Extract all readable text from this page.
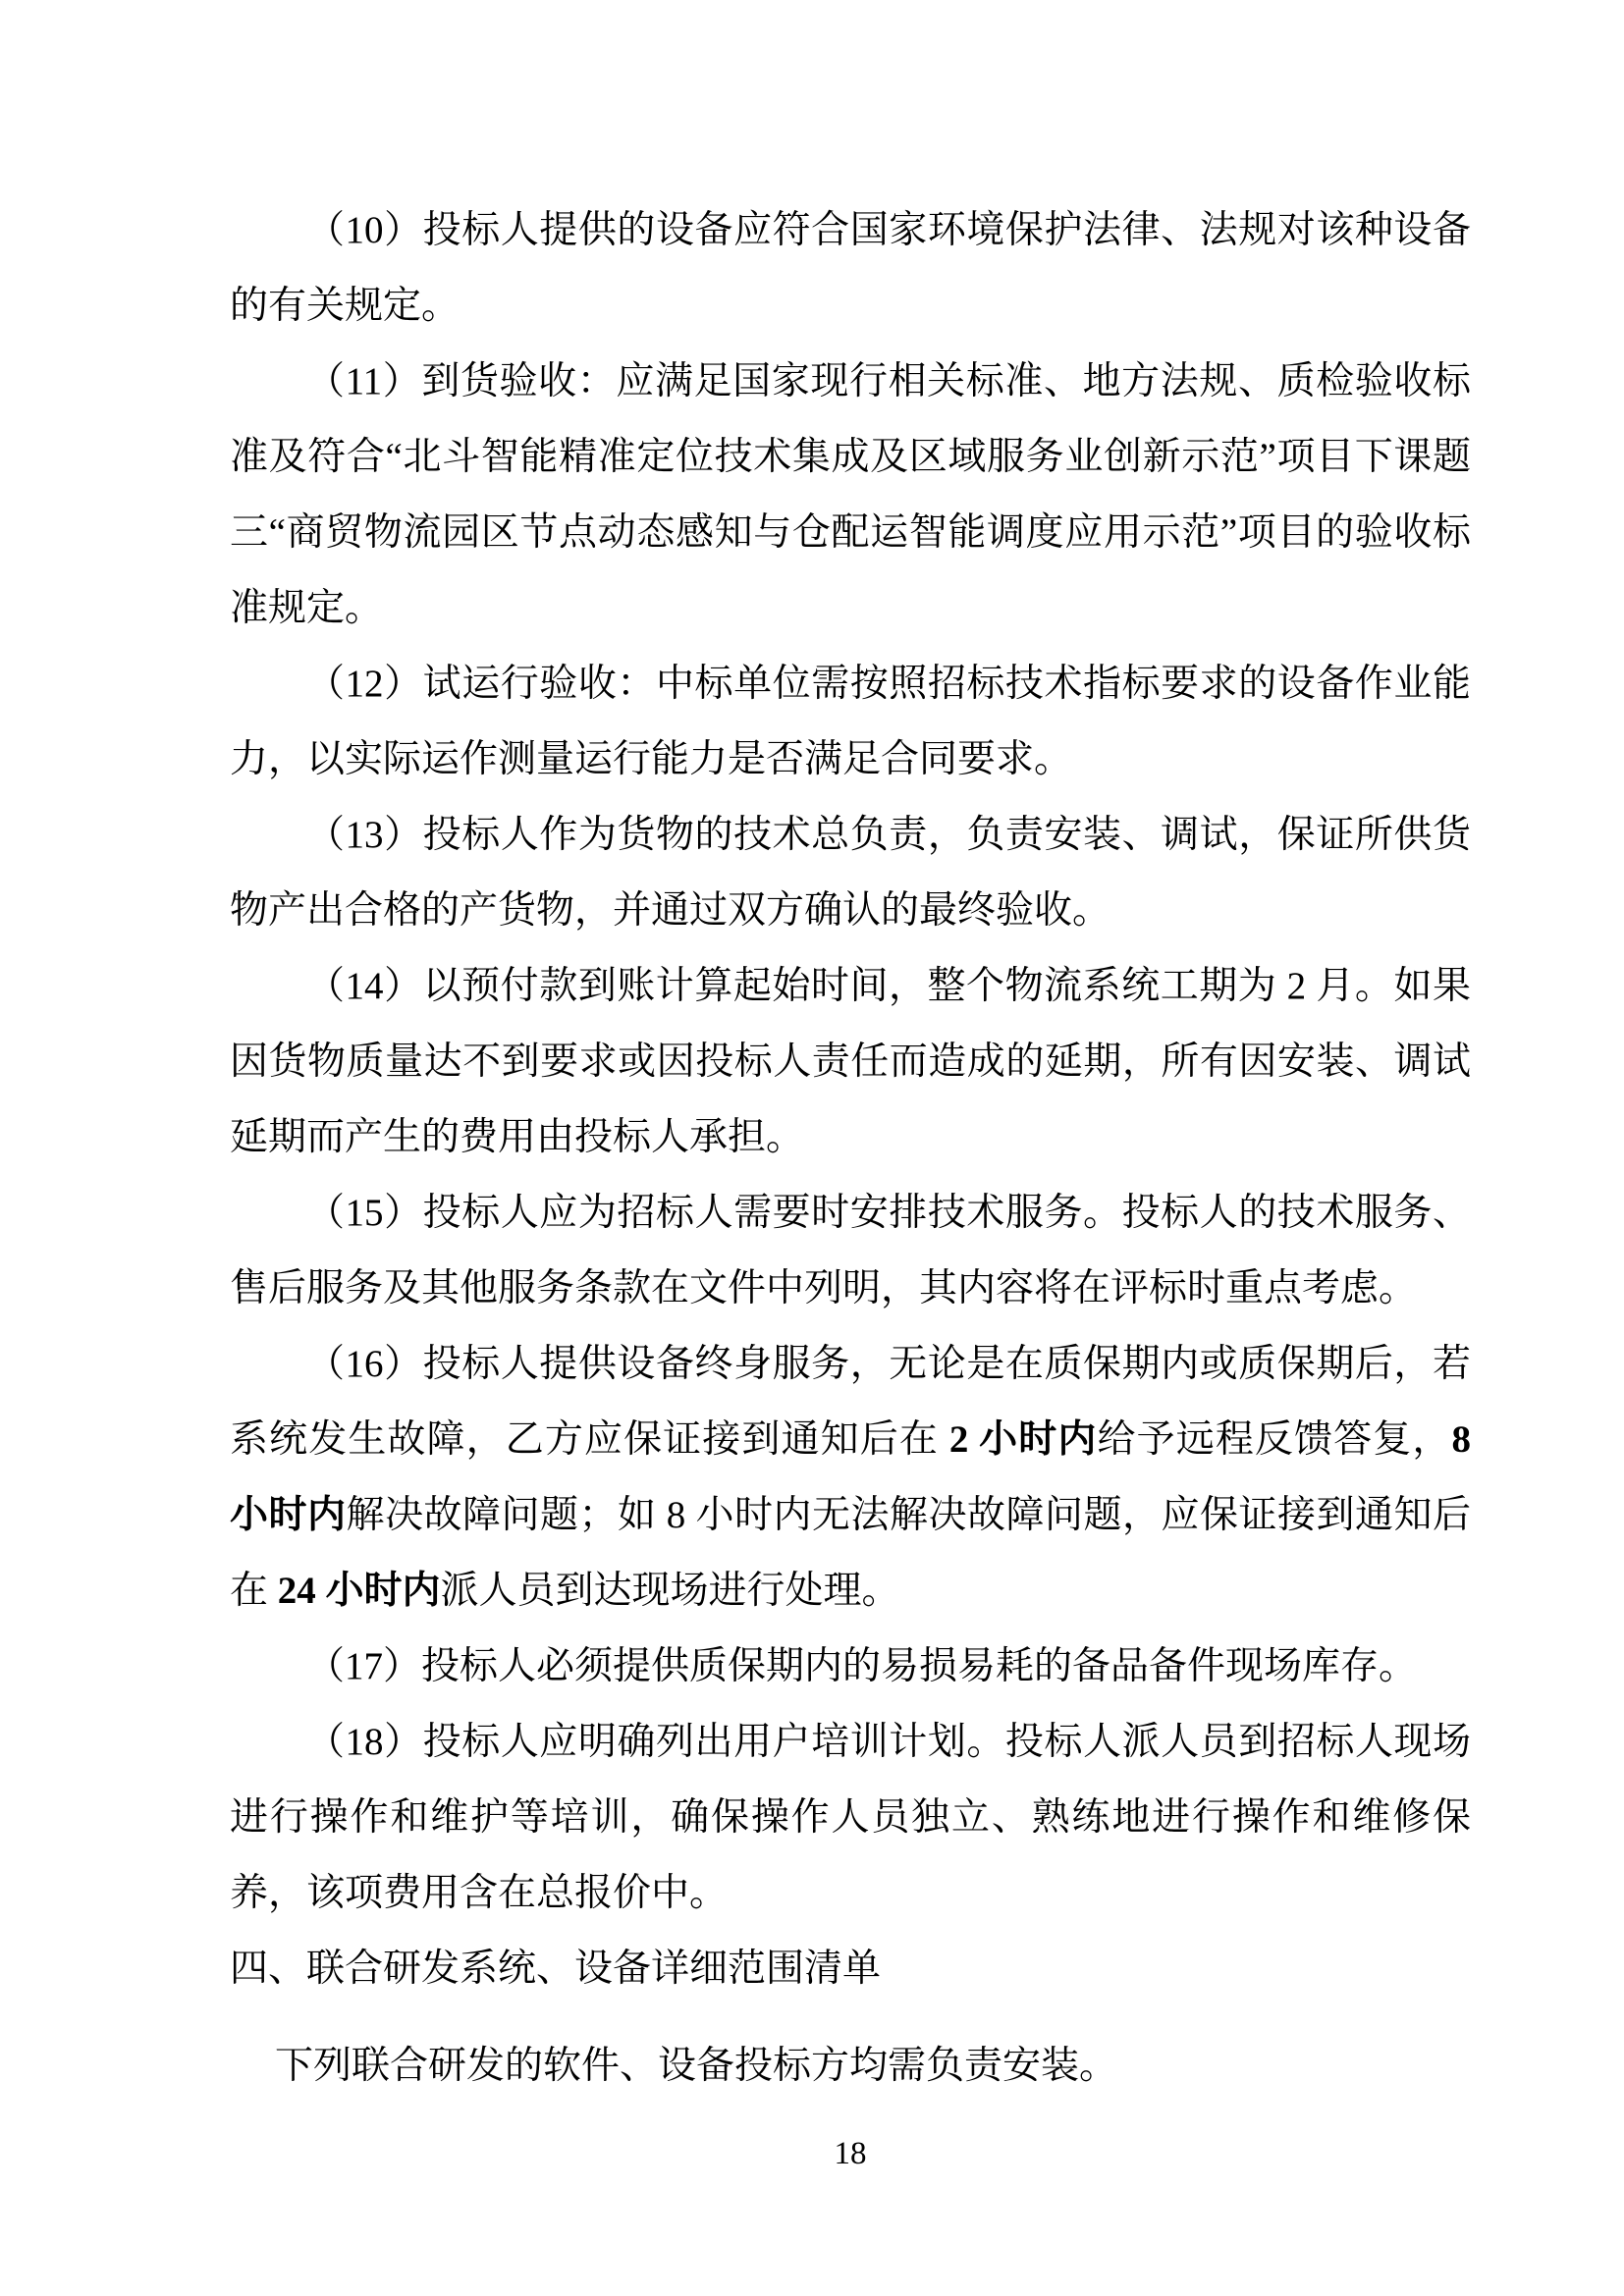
（10）投标人提供的设备应符合国家环境保护法律、法规对该种设备的有关规定。

（11）到货验收：应满足国家现行相关标准、地方法规、质检验收标准及符合“北斗智能精准定位技术集成及区域服务业创新示范”项目下课题三“商贸物流园区节点动态感知与仓配运智能调度应用示范”项目的验收标准规定。

（12）试运行验收：中标单位需按照招标技术指标要求的设备作业能力，以实际运作测量运行能力是否满足合同要求。

（13）投标人作为货物的技术总负责，负责安装、调试，保证所供货物产出合格的产货物，并通过双方确认的最终验收。

（14）以预付款到账计算起始时间，整个物流系统工期为 2 月。如果因货物质量达不到要求或因投标人责任而造成的延期，所有因安装、调试延期而产生的费用由投标人承担。

（15）投标人应为招标人需要时安排技术服务。投标人的技术服务、售后服务及其他服务条款在文件中列明，其内容将在评标时重点考虑。

（16）投标人提供设备终身服务，无论是在质保期内或质保期后，若系统发生故障，乙方应保证接到通知后在 2 小时内给予远程反馈答复，8 小时内解决故障问题；如 8 小时内无法解决故障问题，应保证接到通知后在 24 小时内派人员到达现场进行处理。

（17）投标人必须提供质保期内的易损易耗的备品备件现场库存。

（18）投标人应明确列出用户培训计划。投标人派人员到招标人现场进行操作和维护等培训，确保操作人员独立、熟练地进行操作和维修保养，该项费用含在总报价中。

四、联合研发系统、设备详细范围清单

下列联合研发的软件、设备投标方均需负责安装。

18
